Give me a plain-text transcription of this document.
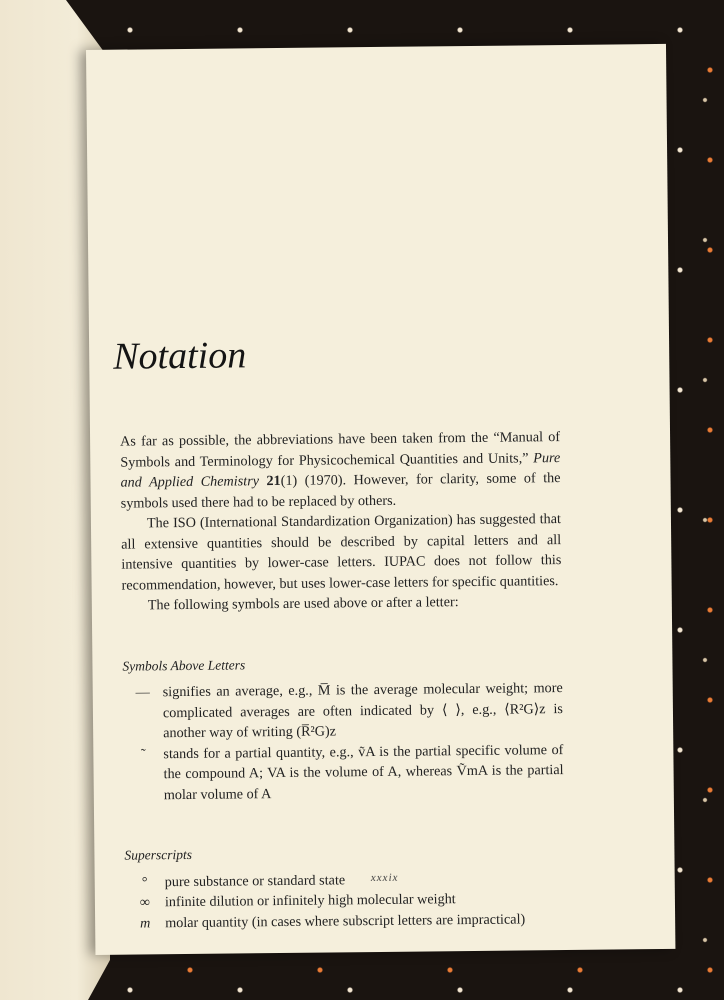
Notation

As far as possible, the abbreviations have been taken from the “Manual of Symbols and Terminology for Physicochemical Quantities and Units,” Pure and Applied Chemistry 21(1) (1970). However, for clarity, some of the symbols used there had to be replaced by others.

The ISO (International Standardization Organization) has suggested that all extensive quantities should be described by capital letters and all intensive quantities by lower-case letters. IUPAC does not follow this recommendation, however, but uses lower-case letters for specific quantities.

The following symbols are used above or after a letter:

Symbols Above Letters
— signifies an average, e.g., M̅ is the average molecular weight; more complicated averages are often indicated by ⟨ ⟩, e.g., ⟨R²G⟩z is another way of writing (R̅²G)z
˜	stands for a partial quantity, e.g., ṽA is the partial specific volume of the compound A; VA is the volume of A, whereas ṼmA is the partial molar volume of A
Superscripts
°	pure substance or standard state
∞	infinite dilution or infinitely high molecular weight
m	molar quantity (in cases where subscript letters are impractical)
xxxix
